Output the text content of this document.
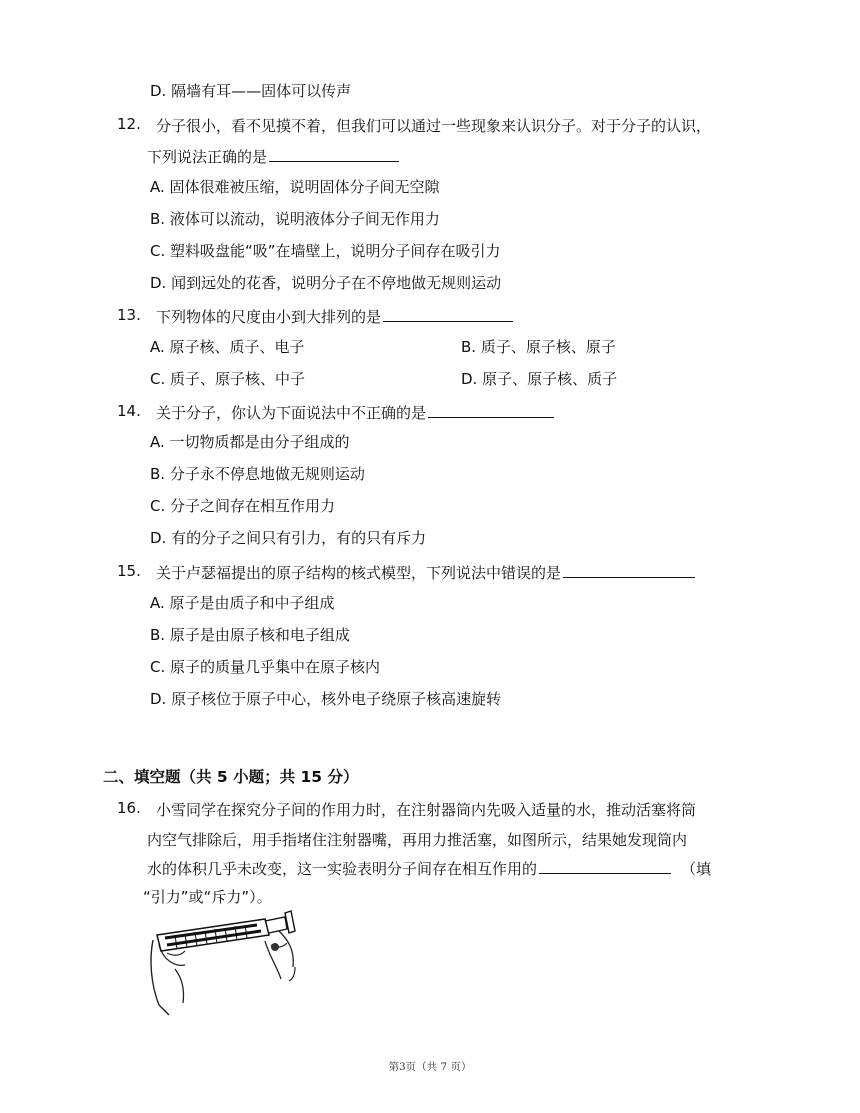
D. 隔墙有耳——固体可以传声
12. 分子很小，看不见摸不着，但我们可以通过一些现象来认识分子。对于分子的认识，
下列说法正确的是
A. 固体很难被压缩，说明固体分子间无空隙
B. 液体可以流动，说明液体分子间无作用力
C. 塑料吸盘能“吸”在墙壁上，说明分子间存在吸引力
D. 闻到远处的花香，说明分子在不停地做无规则运动
13. 下列物体的尺度由小到大排列的是
A. 原子核、质子、电子	B. 质子、原子核、原子
C. 质子、原子核、中子	D. 原子、原子核、质子
14. 关于分子，你认为下面说法中不正确的是
A. 一切物质都是由分子组成的
B. 分子永不停息地做无规则运动
C. 分子之间存在相互作用力
D. 有的分子之间只有引力，有的只有斥力
15. 关于卢瑟福提出的原子结构的核式模型，下列说法中错误的是
A. 原子是由质子和中子组成
B. 原子是由原子核和电子组成
C. 原子的质量几乎集中在原子核内
D. 原子核位于原子中心，核外电子绕原子核高速旋转
二、填空题（共 5 小题；共 15 分）
16. 小雪同学在探究分子间的作用力时，在注射器筒内先吸入适量的水，推动活塞将筒
内空气排除后，用手指堵住注射器嘴，再用力推活塞，如图所示，结果她发现筒内
水的体积几乎未改变，这一实验表明分子间存在相互作用的	（填
“引力”或“斥力”）。
第3页（共 7 页）
